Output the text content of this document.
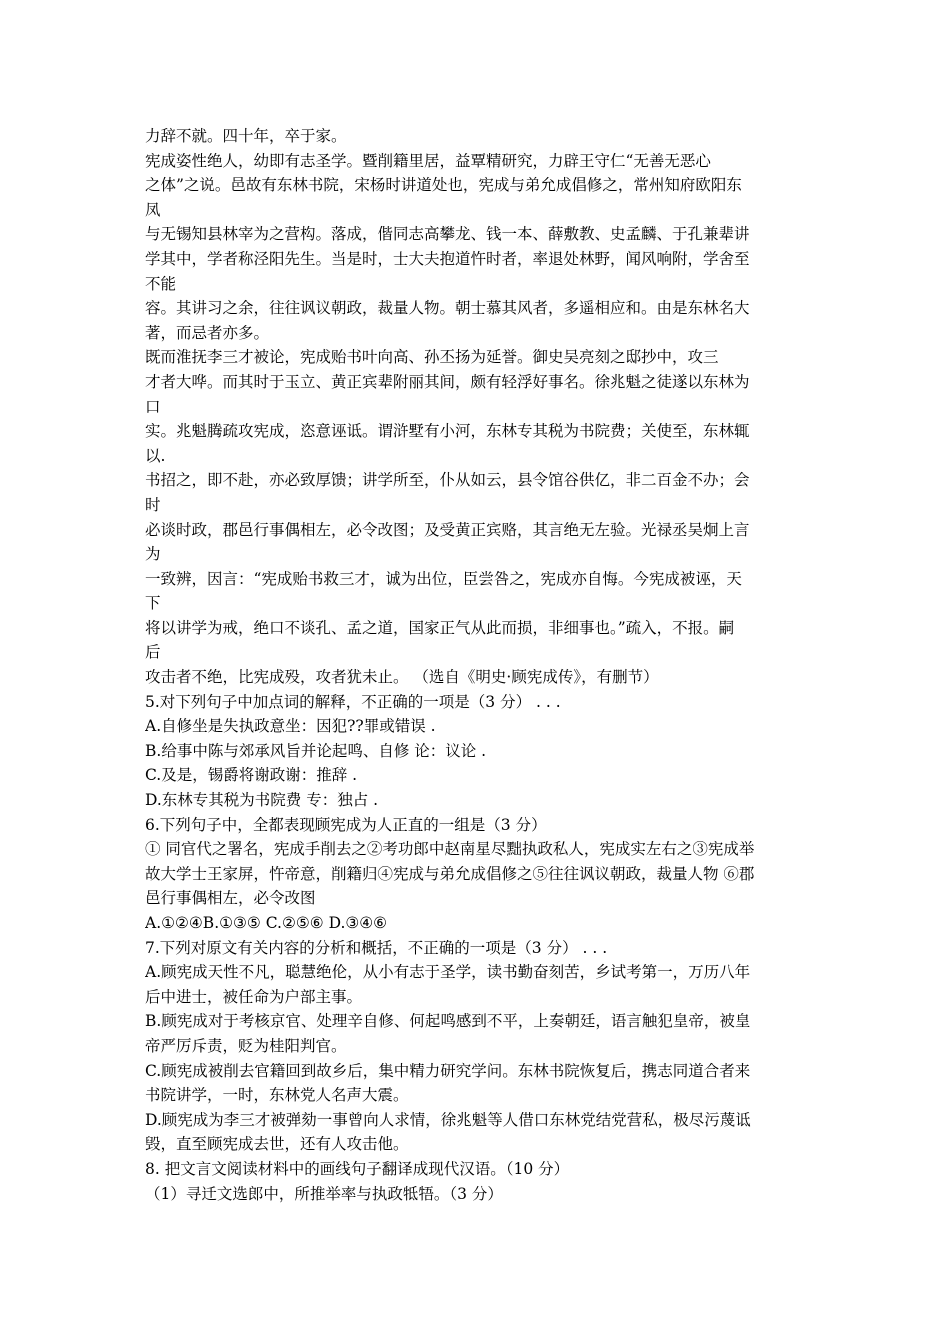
力辞不就。四十年，卒于家。
宪成姿性绝人，幼即有志圣学。暨削籍里居，益覃精研究，力辟王守仁“无善无恶心
之体”之说。邑故有东林书院，宋杨时讲道处也，宪成与弟允成倡修之，常州知府欧阳东
凤
与无锡知县林宰为之营构。落成，偕同志高攀龙、钱一本、薛敷教、史孟麟、于孔兼辈讲
学其中，学者称泾阳先生。当是时，士大夫抱道忤时者，率退处林野，闻风响附，学舍至
不能
容。其讲习之余，往往讽议朝政，裁量人物。朝士慕其风者，多遥相应和。由是东林名大
著，而忌者亦多。
既而淮抚李三才被论，宪成贻书叶向高、孙丕扬为延誉。御史吴亮刻之邸抄中，攻三
才者大哗。而其时于玉立、黄正宾辈附丽其间，颇有轻浮好事名。徐兆魁之徒遂以东林为
口
实。兆魁腾疏攻宪成，恣意诬诋。谓浒墅有小河，东林专其税为书院费；关使至，东林辄
以.
书招之，即不赴，亦必致厚馈；讲学所至，仆从如云，县令馆谷供亿，非二百金不办；会
时
必谈时政，郡邑行事偶相左，必令改图；及受黄正宾赂，其言绝无左验。光禄丞吴炯上言
为
一致辨，因言：“宪成贻书救三才，诚为出位，臣尝咎之，宪成亦自悔。今宪成被诬，天
下
将以讲学为戒，绝口不谈孔、孟之道，国家正气从此而损，非细事也。”疏入，不报。嗣
后
攻击者不绝，比宪成殁，攻者犹未止。 （选自《明史·顾宪成传》，有删节）
5.对下列句子中加点词的解释，不正确的一项是（3 分） . . .
A.自修坐是失执政意坐：因犯??罪或错误 .
B.给事中陈与郊承风旨并论起鸣、自修 论：议论 .
C.及是，锡爵将谢政谢：推辞 .
D.东林专其税为书院费 专：独占 .
6.下列句子中，全都表现顾宪成为人正直的一组是（3 分）
① 同官代之署名，宪成手削去之②考功郎中赵南星尽黜执政私人，宪成实左右之③宪成举
故大学士王家屏，忤帝意，削籍归④宪成与弟允成倡修之⑤往往讽议朝政，裁量人物 ⑥郡
邑行事偶相左，必令改图
A.①②④B.①③⑤ C.②⑤⑥ D.③④⑥
7.下列对原文有关内容的分析和概括，不正确的一项是（3 分） . . .
A.顾宪成天性不凡，聪慧绝伦，从小有志于圣学，读书勤奋刻苦，乡试考第一，万历八年
后中进士，被任命为户部主事。
B.顾宪成对于考核京官、处理辛自修、何起鸣感到不平，上奏朝廷，语言触犯皇帝，被皇
帝严厉斥责，贬为桂阳判官。
C.顾宪成被削去官籍回到故乡后，集中精力研究学问。东林书院恢复后，携志同道合者来
书院讲学，一时，东林党人名声大震。
D.顾宪成为李三才被弹劾一事曾向人求情，徐兆魁等人借口东林党结党营私，极尽污蔑诋
毁，直至顾宪成去世，还有人攻击他。
8. 把文言文阅读材料中的画线句子翻译成现代汉语。（10 分）
（1）寻迁文选郎中，所推举率与执政牴牾。（3 分）
